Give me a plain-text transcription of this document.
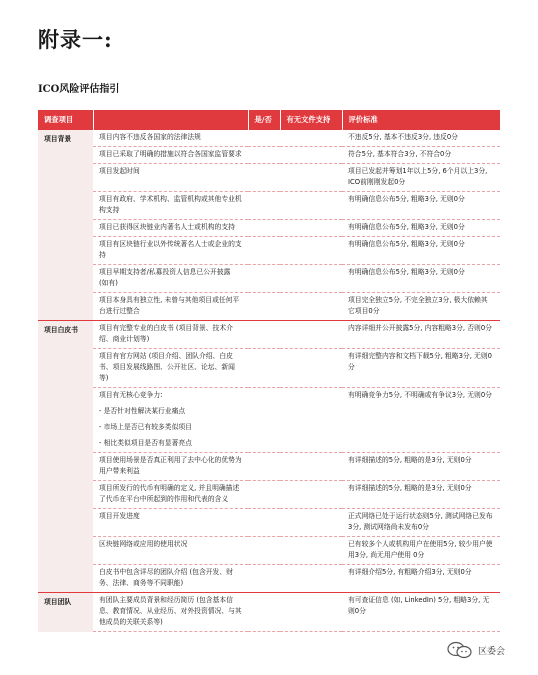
附录一:
ICO风险评估指引
调查项目		是/否	有无文件支持	评价标准
项目背景	项目内容不违反各国家的法律法规			不违反5分, 基本不违反3分, 违反0分

	项目已采取了明确的措施以符合各国家监管要求			符合5分, 基本符合3分, 不符合0分

	项目发起时间			项目已发起并筹划1年以上5分, 6个月以上3分, ICO前刚刚发起0分

	项目有政府、学术机构、监管机构或其他专业机构支持			有明确信息公布5分, 粗略3分, 无则0分

	项目已获得区块链业内著名人士或机构的支持			有明确信息公布5分, 粗略3分, 无则0分

	项目有区块链行业以外传统著名人士或企业的支持			有明确信息公布5分, 粗略3分, 无则0分

	项目早期支持者/私募投资人信息已公开披露 (如有)			有明确信息公布5分, 粗略3分, 无则0分

	项目本身具有独立性, 未曾与其他项目或任何平台进行过整合			项目完全独立5分, 不完全独立3分, 极大依赖其它项目0分
项目白皮书	项目有完整专业的白皮书 (项目背景、技术介绍、商业计划等)			内容详细并公开披露5分, 内容粗略3分, 否则0分

	项目有官方网站 (项目介绍、团队介绍、白皮书、项目发展线路图、公开社区、论坛、新闻等)			有详细完整内容和文档下载5分, 粗略3分, 无则0分

	项目有无核心竞争力:
- 是否针对性解决某行业痛点
- 市场上是否已有较多类似项目
- 相比类似项目是否有显著亮点			有明确竞争力5分, 不明确或有争议3分, 无则0分

	项目使用场景是否真正利用了去中心化的优势为用户带来利益			有详细描述的5分, 粗略的是3分, 无则0分

	项目所发行的代币有明确的定义, 并且明确描述了代币在平台中所起到的作用和代表的含义			有详细描述的5分, 粗略的是3分, 无则0分

	项目开发进度			正式网络已处于运行状态则5分, 测试网络已发布3分, 测试网络尚未发布0分

	区块链网络或应用的使用状况			已有较多个人或机构用户在使用5分, 较少用户使用3分, 尚无用户使用 0分

	白皮书中包含详尽的团队介绍 (包含开发、财务、法律、商务等不同职能)			有详细介绍5分, 有粗略介绍3分, 无则0分
项目团队	有团队主要成员背景和经历简历 (包含基本信息、教育情况、从业经历、对外投资情况、与其他成员的关联关系等)			有可查证信息 (如, LinkedIn) 5分, 粗略3分, 无则0分
区委会
